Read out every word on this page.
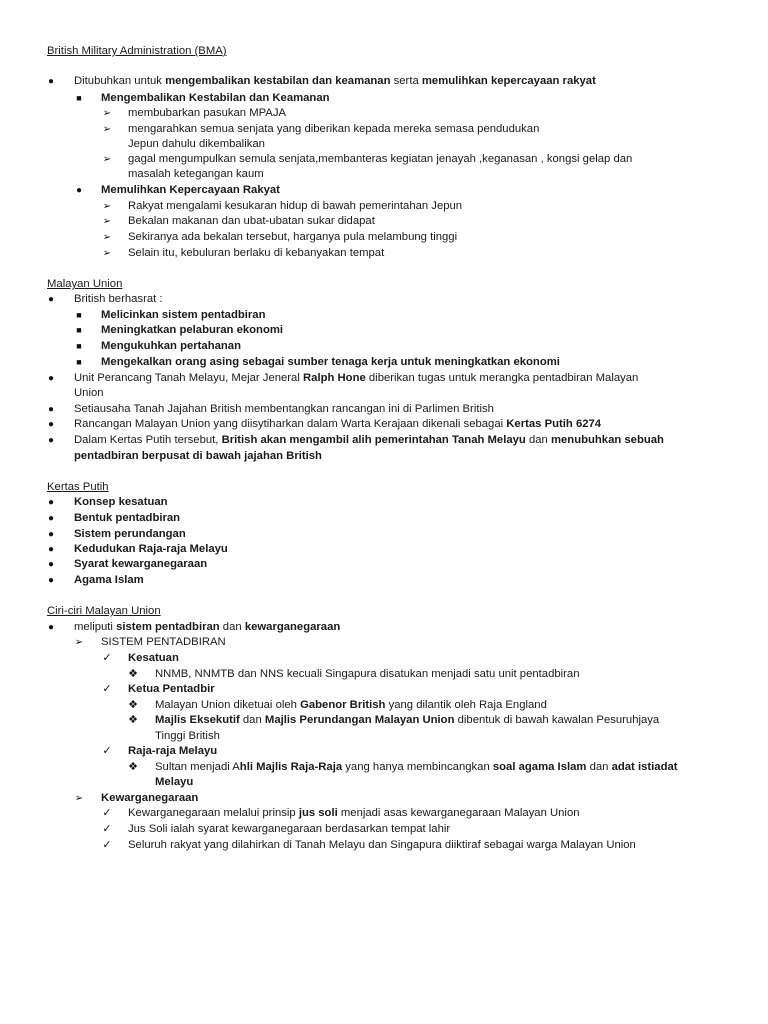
British Military Administration (BMA)
●	Ditubuhkan untuk mengembalikan kestabilan dan keamanan serta memulihkan kepercayaan rakyat
■	Mengembalikan Kestabilan dan Keamanan
➢	membubarkan pasukan MPAJA
➢	mengarahkan semua senjata yang diberikan kepada mereka semasa pendudukan
Jepun dahulu dikembalikan
➢	gagal mengumpulkan semula senjata,membanteras kegiatan jenayah ,keganasan , kongsi gelap dan
masalah ketegangan kaum
●	Memulihkan Kepercayaan Rakyat
➢	Rakyat mengalami kesukaran hidup di bawah pemerintahan Jepun
➢	Bekalan makanan dan ubat-ubatan sukar didapat
➢	Sekiranya ada bekalan tersebut, harganya pula melambung tinggi
➢	Selain itu, kebuluran berlaku di kebanyakan tempat
Malayan Union
●	British berhasrat :
■	Melicinkan sistem pentadbiran
■	Meningkatkan pelaburan ekonomi
■	Mengukuhkan pertahanan
■	Mengekalkan orang asing sebagai sumber tenaga kerja untuk meningkatkan ekonomi
●	Unit Perancang Tanah Melayu, Mejar Jeneral Ralph Hone diberikan tugas untuk merangka pentadbiran Malayan
Union
●	Setiausaha Tanah Jajahan British membentangkan rancangan ini di Parlimen British
●	Rancangan Malayan Union yang diisytiharkan dalam Warta Kerajaan dikenali sebagai Kertas Putih 6274
●	Dalam Kertas Putih tersebut, British akan mengambil alih pemerintahan Tanah Melayu dan menubuhkan sebuah
pentadbiran berpusat di bawah jajahan British
Kertas Putih
●	Konsep kesatuan
●	Bentuk pentadbiran
●	Sistem perundangan
●	Kedudukan Raja-raja Melayu
●	Syarat kewarganegaraan
●	Agama Islam
Ciri-ciri Malayan Union
●	meliputi sistem pentadbiran dan kewarganegaraan
➢	SISTEM PENTADBIRAN
✓	Kesatuan
❖	NNMB, NNMTB dan NNS kecuali Singapura disatukan menjadi satu unit pentadbiran
✓	Ketua Pentadbir
❖	Malayan Union diketuai oleh Gabenor British yang dilantik oleh Raja England
❖	Majlis Eksekutif dan Majlis Perundangan Malayan Union dibentuk di bawah kawalan Pesuruhjaya
Tinggi British
✓	Raja-raja Melayu
❖	Sultan menjadi Ahli Majlis Raja-Raja yang hanya membincangkan soal agama Islam dan adat istiadat
Melayu
➢	Kewarganegaraan
✓	Kewarganegaraan melalui prinsip jus soli menjadi asas kewarganegaraan Malayan Union
✓	Jus Soli ialah syarat kewarganegaraan berdasarkan tempat lahir
✓	Seluruh rakyat yang dilahirkan di Tanah Melayu dan Singapura diiktiraf sebagai warga Malayan Union
